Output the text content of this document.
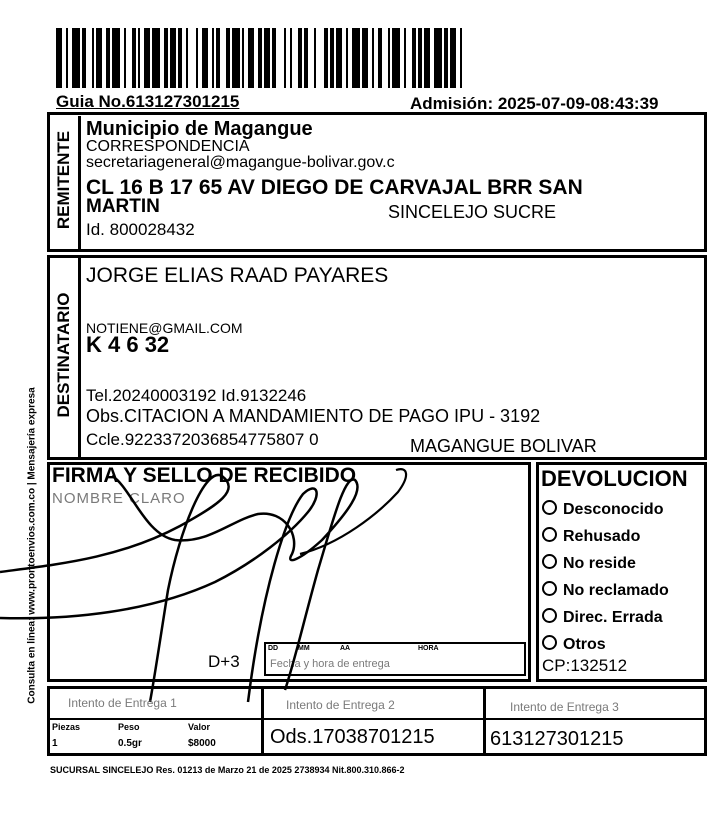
Guia No.613127301215	Admisión: 2025-07-09-08:43:39
REMITENTE
Municipio de Magangue
CORRESPONDENCIA
secretariageneral@magangue-bolivar.gov.c
CL 16 B 17 65 AV DIEGO DE CARVAJAL BRR SAN
MARTIN	SINCELEJO SUCRE
Id. 800028432
DESTINATARIO
JORGE ELIAS RAAD PAYARES
NOTIENE@GMAIL.COM
K 4 6 32
Tel.20240003192 Id.9132246
Obs.CITACION A MANDAMIENTO DE PAGO IPU - 3192
Ccle.9223372036854775807 0	MAGANGUE BOLIVAR
Consulta en línea: www.prontoenvios.com.co | Mensajería expresa FIRMA Y SELLO DE RECIBIDO
NOMBRE CLARO
D+3
DD	MM	AA	HORA
Fecha y hora de entrega
DEVOLUCION
Desconocido
Rehusado
No reside
No reclamado
Direc. Errada
Otros
CP:132512
Intento de Entrega 1	Intento de Entrega 2	Intento de Entrega 3
Piezas	Peso	Valor
1	0.5gr	$8000	Ods.17038701215	613127301215
SUCURSAL SINCELEJO Res. 01213 de Marzo 21 de 2025 2738934 Nit.800.310.866-2
